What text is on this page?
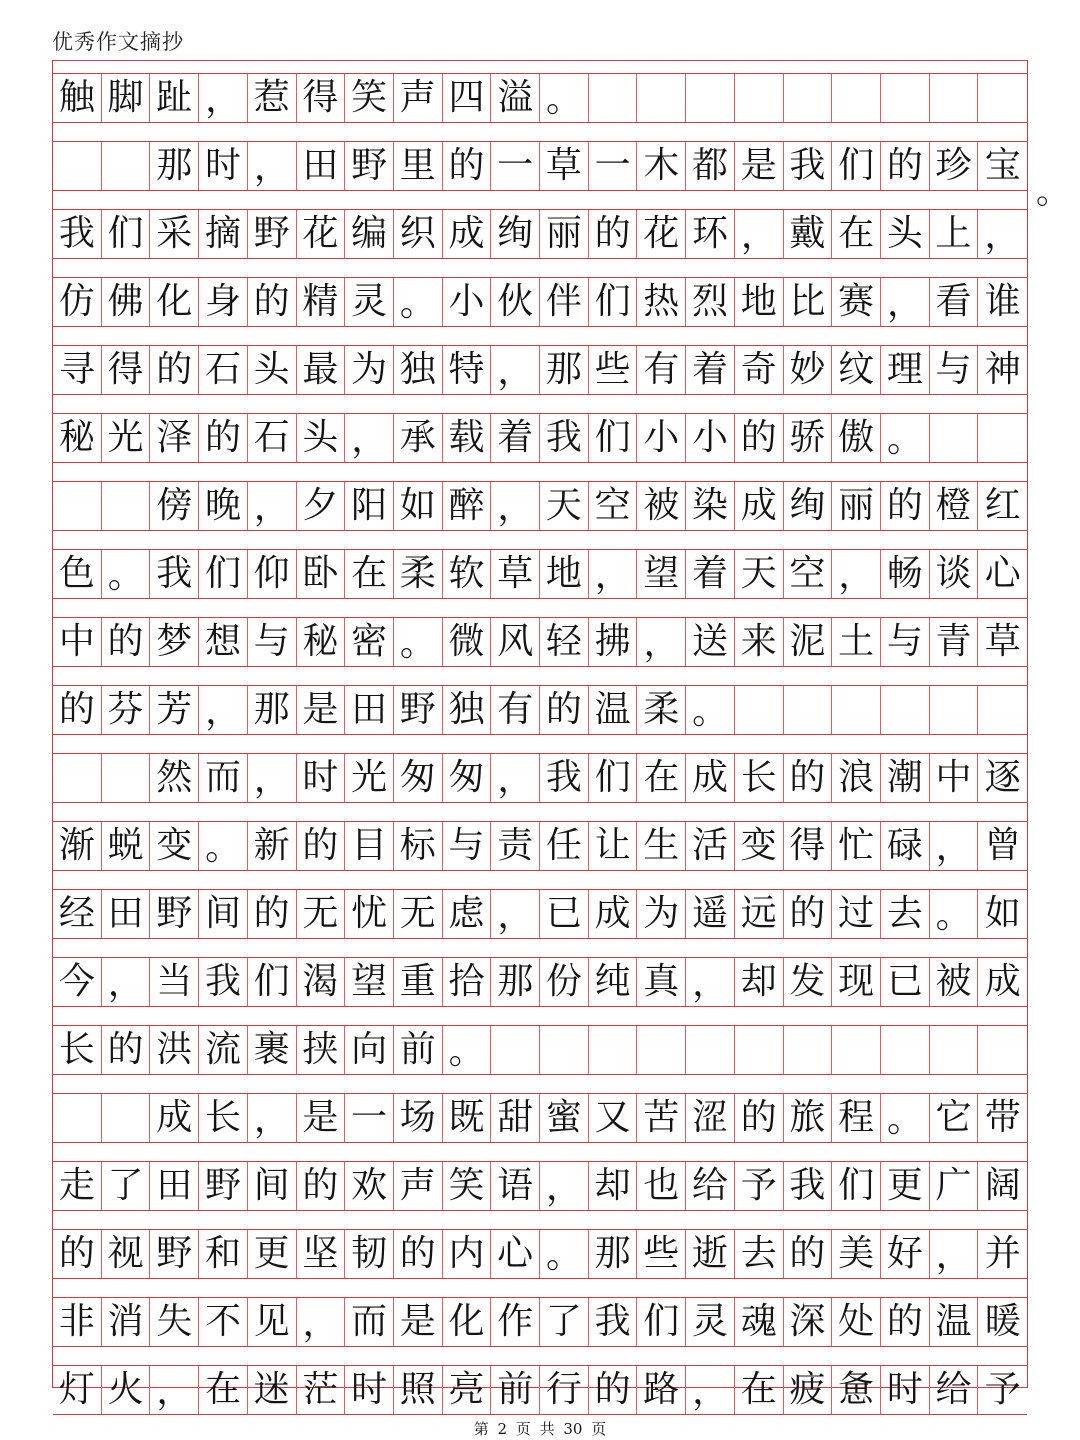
优秀作文摘抄
触 脚 趾 ， 惹 得 笑 声 四 溢 。
那 时 ， 田 野 里 的 一 草 一 木 都 是 我 们 的 珍 宝
我 们 采 摘 野 花 编 织 成 绚 丽 的 花 环 ， 戴 在 头 上 ，
仿 佛 化 身 的 精 灵 。 小 伙 伴 们 热 烈 地 比 赛 ， 看 谁
寻 得 的 石 头 最 为 独 特 ， 那 些 有 着 奇 妙 纹 理 与 神
秘 光 泽 的 石 头 ， 承 载 着 我 们 小 小 的 骄 傲 。
傍 晚 ， 夕 阳 如 醉 ， 天 空 被 染 成 绚 丽 的 橙 红
色 。 我 们 仰 卧 在 柔 软 草 地 ， 望 着 天 空 ， 畅 谈 心
中 的 梦 想 与 秘 密 。 微 风 轻 拂 ， 送 来 泥 土 与 青 草
的 芬 芳 ， 那 是 田 野 独 有 的 温 柔 。
然 而 ， 时 光 匆 匆 ， 我 们 在 成 长 的 浪 潮 中 逐
渐 蜕 变 。 新 的 目 标 与 责 任 让 生 活 变 得 忙 碌 ， 曾
经 田 野 间 的 无 忧 无 虑 ， 已 成 为 遥 远 的 过 去 。 如
今 ， 当 我 们 渴 望 重 拾 那 份 纯 真 ， 却 发 现 已 被 成
长 的 洪 流 裹 挟 向 前 。
成 长 ， 是 一 场 既 甜 蜜 又 苦 涩 的 旅 程 。 它 带
走 了 田 野 间 的 欢 声 笑 语 ， 却 也 给 予 我 们 更 广 阔
的 视 野 和 更 坚 韧 的 内 心 。 那 些 逝 去 的 美 好 ， 并
非 消 失 不 见 ， 而 是 化 作 了 我 们 灵 魂 深 处 的 温 暖
灯 火 ， 在 迷 茫 时 照 亮 前 行 的 路 ， 在 疲 惫 时 给 予
。
第 2 页 共 30 页
